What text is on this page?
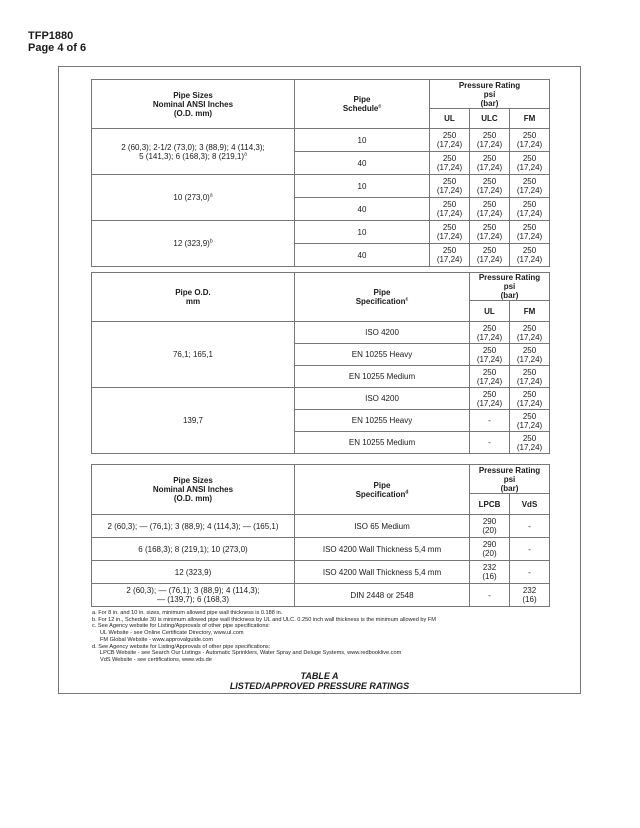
TFP1880
Page 4 of 6
Pipe Sizes
Nominal ANSI Inches
(O.D. mm)	Pipe
Schedule$^c$	Pressure Rating
psi
(bar)		
		UL	ULC	FM
2 (60,3); 2-1/2 (73,0); 3 (88,9); 4 (114,3);
5 (141,3); 6 (168,3); 8 $(219,1)^a$	10	250
(17,24)	250
(17,24)	250
(17,24)
	40	250
(17,24)	250
(17,24)	250
(17,24)
10 $(273,0)^a$	10	250
(17,24)	250
(17,24)	250
(17,24)
	40	250
(17,24)	250
(17,24)	250
(17,24)
12 $(323,9)^b$	10	250
(17,24)	250
(17,24)	250
(17,24)
	40	250
(17,24)	250
(17,24)	250
(17,24)
Pipe O.D.
mm	Pipe
Specification$^c$	Pressure Rating
psi
(bar)	
		UL	FM
76,1; 165,1	ISO 4200	250
(17,24)	250
(17,24)
	EN 10255 Heavy	250
(17,24)	250
(17,24)
	EN 10255 Medium	250
(17,24)	250
(17,24)
139,7	ISO 4200	250
(17,24)	250
(17,24)
	EN 10255 Heavy	-	250
(17,24)
	EN 10255 Medium	-	250
(17,24)
Pipe Sizes
Nominal ANSI Inches
(O.D. mm)	Pipe
Specification$^d$	Pressure Rating
psi
(bar)	
		LPCB	VdS
2 (60,3); — (76,1); 3 (88,9); 4 (114,3); — (165,1)	ISO 65 Medium	290
(20)	-
6 (168,3); 8 (219,1); 10 (273,0)	ISO 4200 Wall Thickness 5,4 mm	290
(20)	-
12 (323,9)	ISO 4200 Wall Thickness 5,4 mm	232
(16)	-
2 (60,3); — (76,1); 3 (88,9); 4 (114,3);
— (139,7); 6 (168,3)	DIN 2448 or 2548	-	232
(16)
a. For 8 in. and 10 in. sizes, minimum allowed pipe wall thickness is 0.188 in.
b. For 12 in., Schedule 30 is minimum allowed pipe wall thickness by UL and ULC. 0.250 inch wall thickness is the minimum allowed by FM
c. See Agency website for Listing/Approvals of other pipe specifications:
UL Website - see Online Certificate Directory, www.ul.com
FM Global Website - www.approvalguide.com
d. See Agency website for Listing/Approvals of other pipe specifications:
LPCB Website - see Search Our Listings - Automatic Sprinklers, Water Spray and Deluge Systems, www.redbooklive.com
VdS Website - see certifications, www.vds.de
TABLE A
LISTED/APPROVED PRESSURE RATINGS
